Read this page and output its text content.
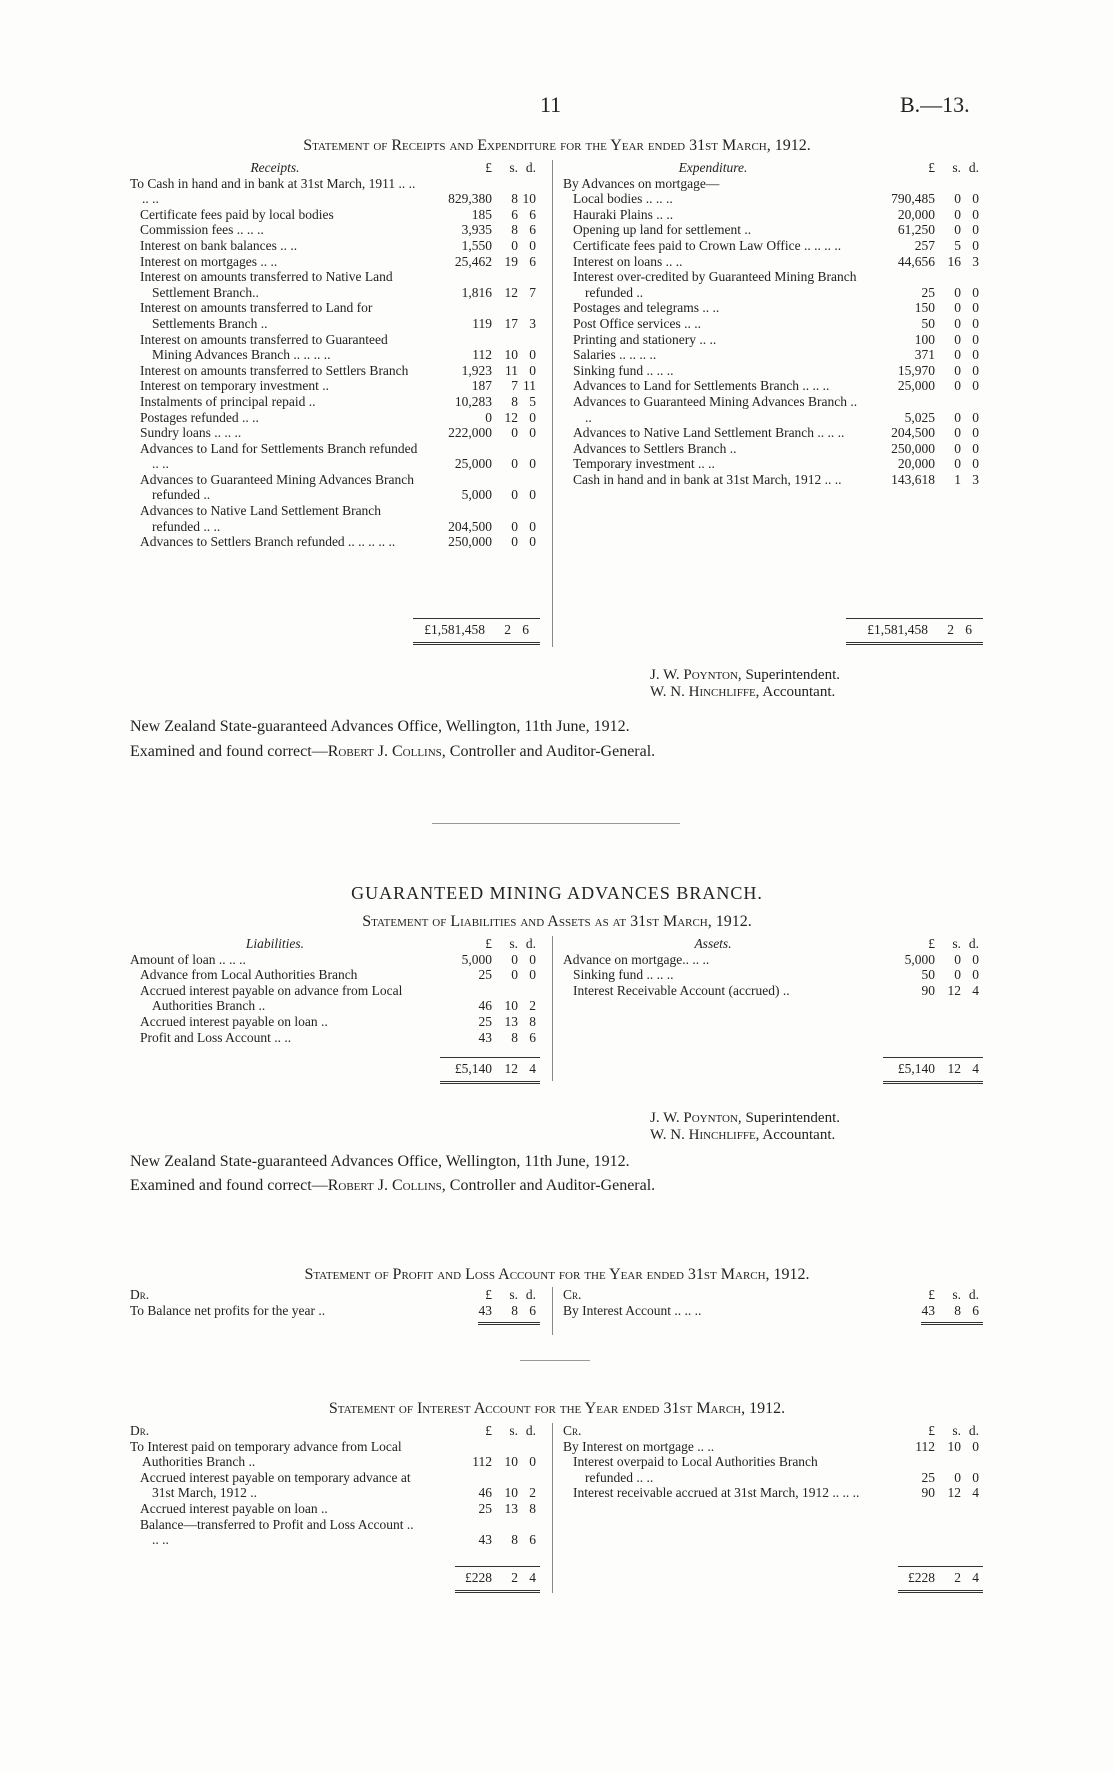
11	B.—13.
Statement of Receipts and Expenditure for the Year ended 31st March, 1912.
Receipts.	£	s.	d.
To Cash in hand and in bank at 31st March, 1911 .. .. .. ..	829,380	8	10
Certificate fees paid by local bodies	185	6	6
Commission fees .. .. ..	3,935	8	6
Interest on bank balances .. ..	1,550	0	0
Interest on mortgages .. ..	25,462	19	6
Interest on amounts transferred to Native Land Settlement Branch..	1,816	12	7
Interest on amounts transferred to Land for Settlements Branch ..	119	17	3
Interest on amounts transferred to Guaranteed Mining Advances Branch .. .. .. ..	112	10	0
Interest on amounts transferred to Settlers Branch	1,923	11	0
Interest on temporary investment ..	187	7	11
Instalments of principal repaid ..	10,283	8	5
Postages refunded .. ..	0	12	0
Sundry loans .. .. ..	222,000	0	0
Advances to Land for Settlements Branch refunded .. ..	25,000	0	0
Advances to Guaranteed Mining Advances Branch refunded ..	5,000	0	0
Advances to Native Land Settlement Branch refunded .. ..	204,500	0	0
Advances to Settlers Branch refunded .. .. .. .. ..	250,000	0	0
Expenditure.	£	s.	d.
By Advances on mortgage—			
Local bodies .. .. ..	790,485	0	0
Hauraki Plains .. ..	20,000	0	0
Opening up land for settlement ..	61,250	0	0
Certificate fees paid to Crown Law Office .. .. .. ..	257	5	0
Interest on loans .. ..	44,656	16	3
Interest over-credited by Guaranteed Mining Branch refunded ..	25	0	0
Postages and telegrams .. ..	150	0	0
Post Office services .. ..	50	0	0
Printing and stationery .. ..	100	0	0
Salaries .. .. .. ..	371	0	0
Sinking fund .. .. ..	15,970	0	0
Advances to Land for Settlements Branch .. .. ..	25,000	0	0
Advances to Guaranteed Mining Advances Branch .. ..	5,025	0	0
Advances to Native Land Settlement Branch .. .. ..	204,500	0	0
Advances to Settlers Branch ..	250,000	0	0
Temporary investment .. ..	20,000	0	0
Cash in hand and in bank at 31st March, 1912 .. ..	143,618	1	3
£1,581,458 2 6	£1,581,458 2 6
J. W. Poynton, Superintendent.
W. N. Hinchliffe, Accountant.
New Zealand State-guaranteed Advances Office, Wellington, 11th June, 1912.
Examined and found correct—Robert J. Collins, Controller and Auditor-General.
GUARANTEED MINING ADVANCES BRANCH.
Statement of Liabilities and Assets as at 31st March, 1912.
Liabilities.	£	s.	d.
Amount of loan .. .. ..	5,000	0	0
Advance from Local Authorities Branch	25	0	0
Accrued interest payable on advance from Local Authorities Branch ..	46	10	2
Accrued interest payable on loan ..	25	13	8
Profit and Loss Account .. ..	43	8	6
Assets.	£	s.	d.
Advance on mortgage.. .. ..	5,000	0	0
Sinking fund .. .. ..	50	0	0
Interest Receivable Account (accrued) ..	90	12	4
£5,140 12 4	£5,140 12 4
J. W. Poynton, Superintendent.
W. N. Hinchliffe, Accountant.
New Zealand State-guaranteed Advances Office, Wellington, 11th June, 1912.
Examined and found correct—Robert J. Collins, Controller and Auditor-General.
Statement of Profit and Loss Account for the Year ended 31st March, 1912.
Dr.	£	s.	d.
To Balance net profits for the year ..	43	8	6
Cr.	£	s.	d.
By Interest Account .. .. ..	43	8	6
Statement of Interest Account for the Year ended 31st March, 1912.
Dr.	£	s.	d.
To Interest paid on temporary advance from Local Authorities Branch ..	112	10	0
Accrued interest payable on temporary advance at 31st March, 1912 ..	46	10	2
Accrued interest payable on loan ..	25	13	8
Balance—transferred to Profit and Loss Account .. .. ..	43	8	6
Cr.	£	s.	d.
By Interest on mortgage .. ..	112	10	0
Interest overpaid to Local Authorities Branch refunded .. ..	25	0	0
Interest receivable accrued at 31st March, 1912 .. .. ..	90	12	4
£228 2 4	£228 2 4
